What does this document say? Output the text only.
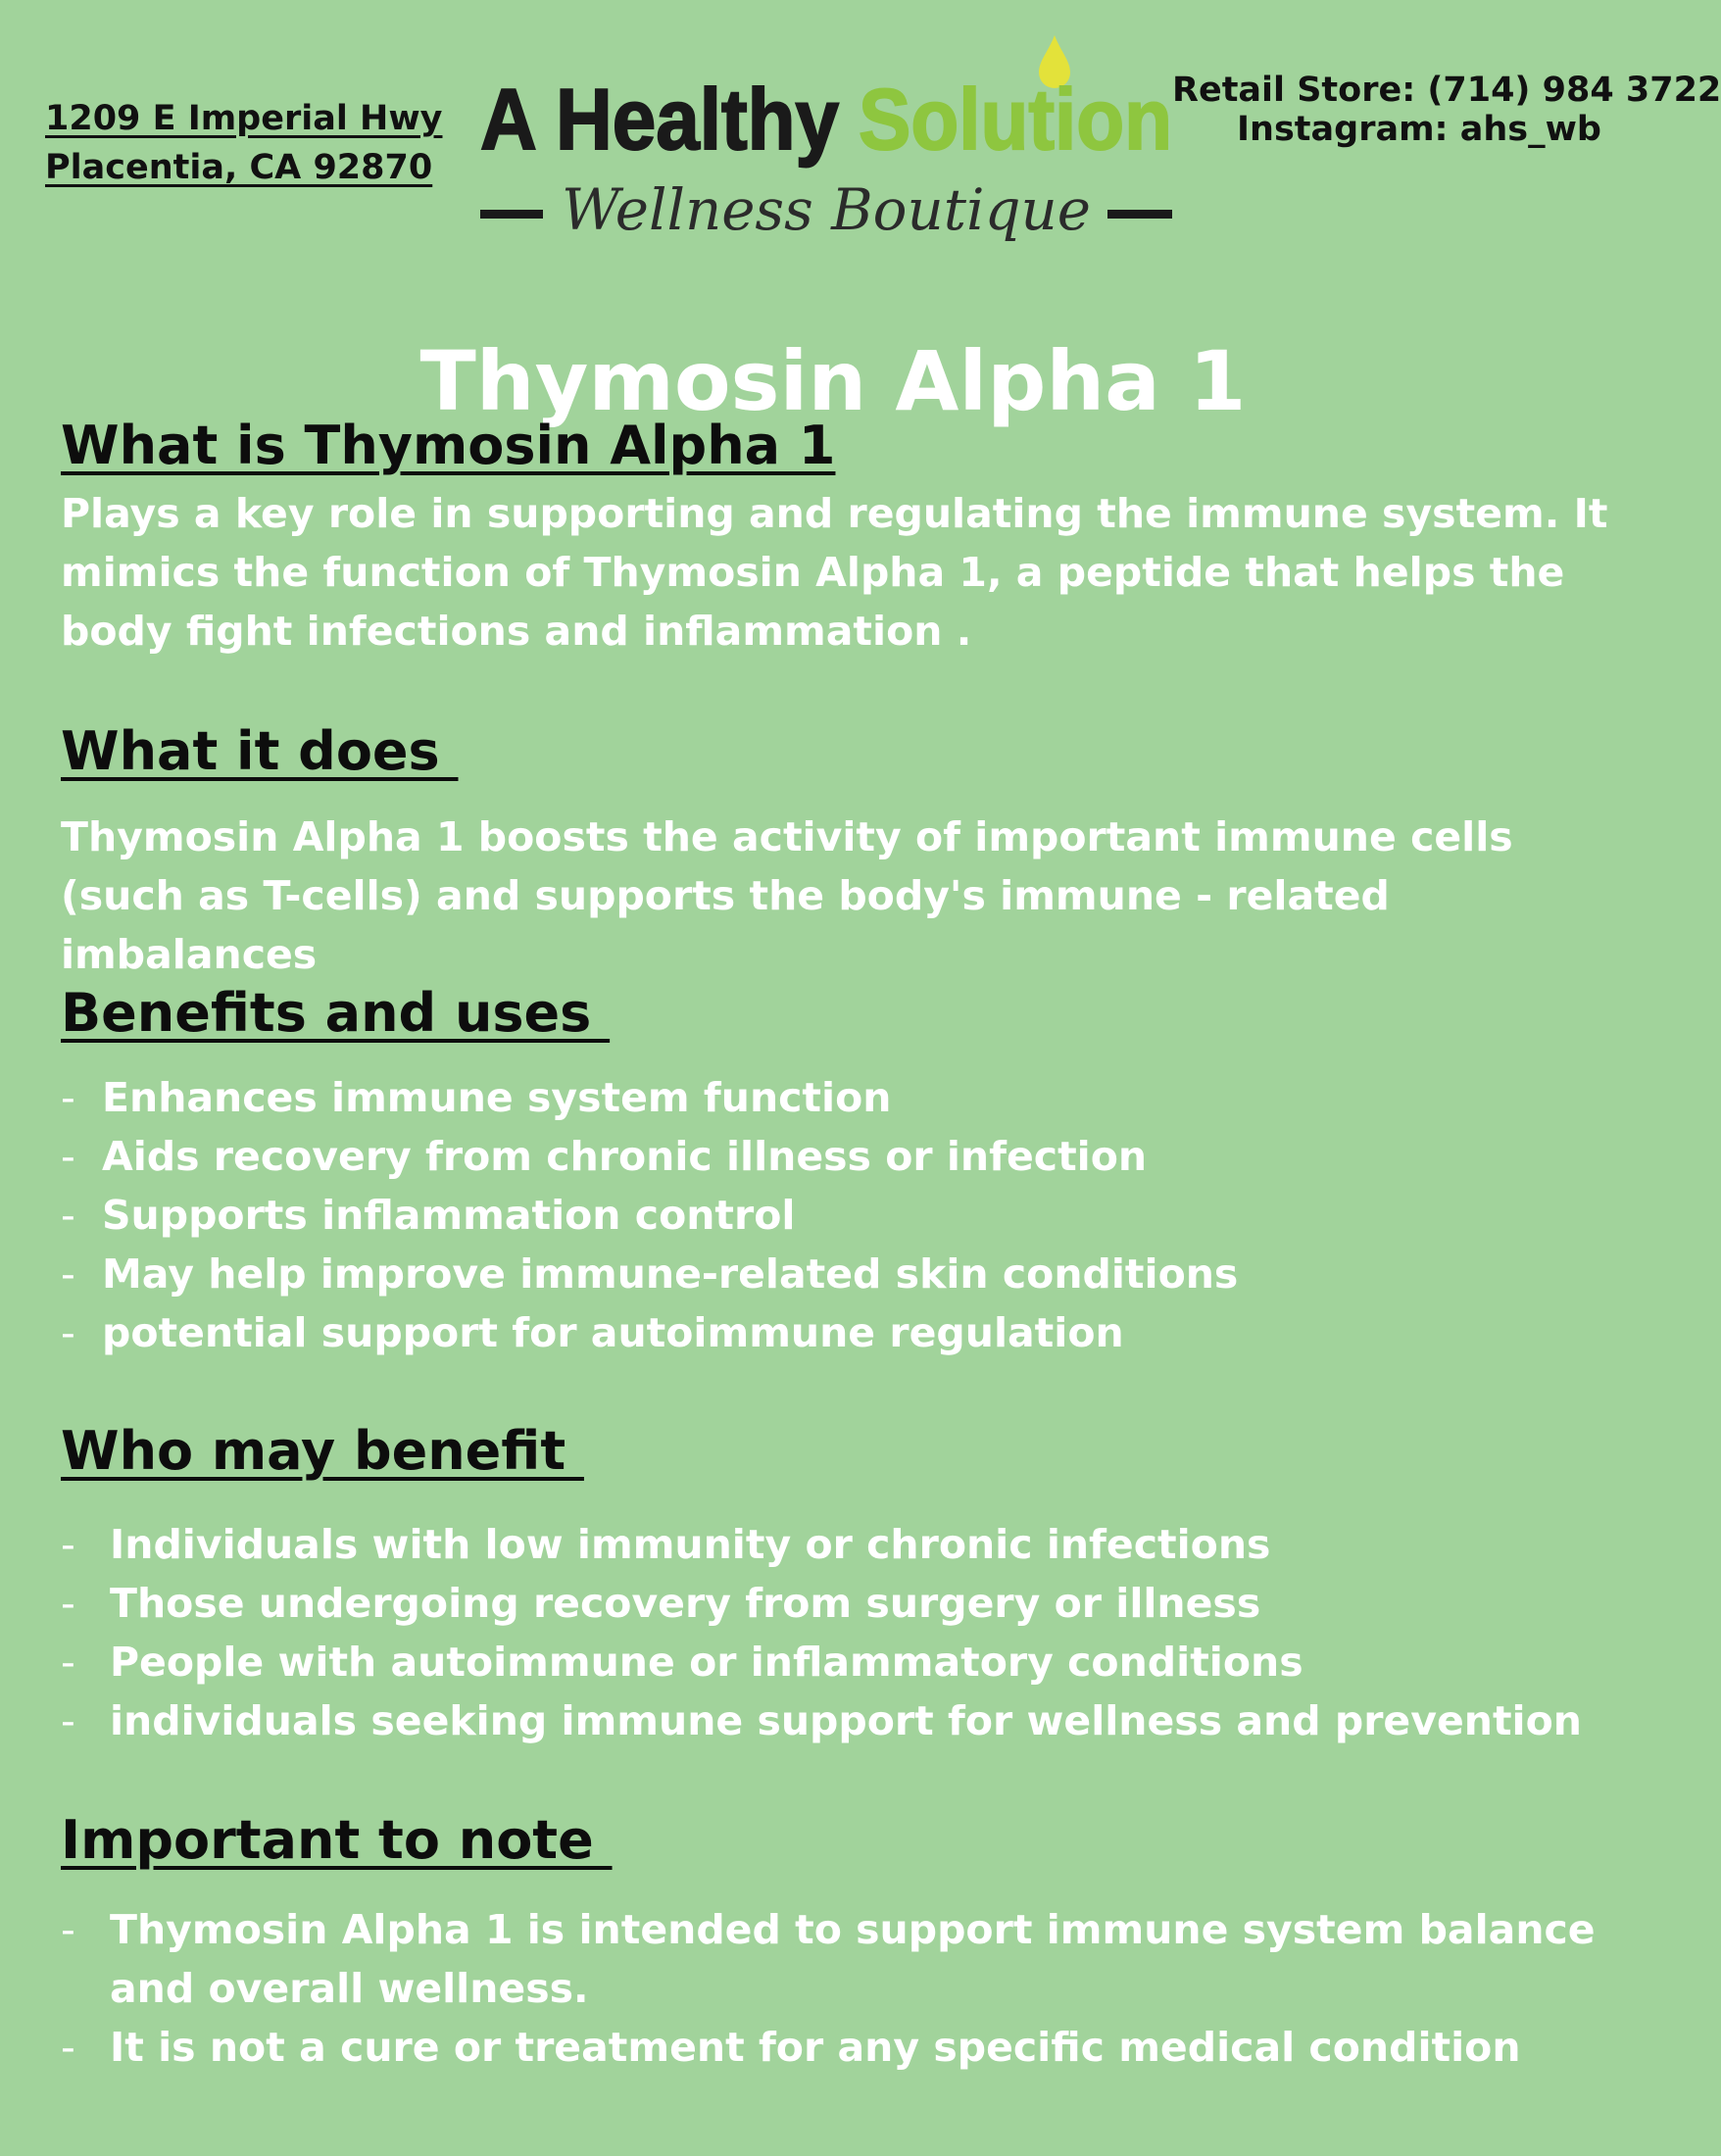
1209 E Imperial Hwy
Placentia, CA 92870 A Healthy Solution
Wellness Boutique
Retail Store: (714) 984 3722
Instagram: ahs_wb
Thymosin Alpha 1
What is Thymosin Alpha 1

Plays a key role in supporting and regulating the immune system. It mimics the function of Thymosin Alpha 1, a peptide that helps the body fight infections and inflammation .

What it does

Thymosin Alpha 1 boosts the activity of important immune cells (such as T-cells) and supports the body's immune - related imbalances

Benefits and uses
- Enhances immune system function
- Aids recovery from chronic illness or infection
- Supports inflammation control
- May help improve immune-related skin conditions
- potential support for autoimmune regulation
Who may benefit
- Individuals with low immunity or chronic infections
- Those undergoing recovery from surgery or illness
- People with autoimmune or inflammatory conditions
- individuals seeking immune support for wellness and prevention
Important to note
- Thymosin Alpha 1 is intended to support immune system balance and overall wellness.
- It is not a cure or treatment for any specific medical condition
